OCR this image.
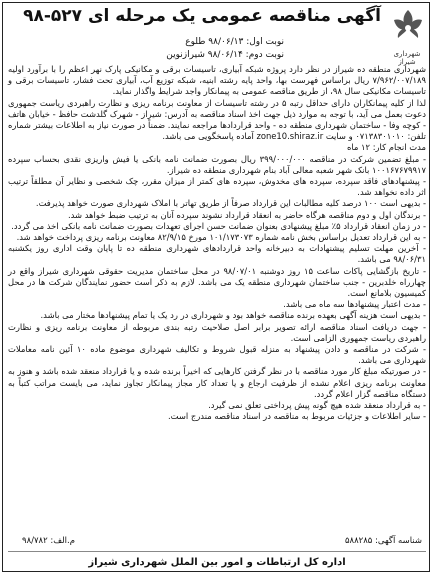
شهرداری شیراز
آگهی مناقصه عمومی یک مرحله ای ۵۲۷-۹۸
نوبت اول: ۹۸/۰۶/۱۳ طلوع
نوبت دوم: ۹۸/۰۶/۱۴ شیرازنوین

شهرداری منطقه ده شیراز در نظر دارد پروژه شبکه آبیاری، تاسیسات برقی و مکانیکی پارک نهر اعظم را با برآورد اولیه ۷/۹۶۲/۰۰۷/۱۸۹ ریال براساس فهرست بها، واحد پایه رشته ابنیه، شبکه توزیع آب، آبیاری تحت فشار، تاسیسات برقی و تاسیسات مکانیکی سال ۹۸، از طریق مناقصه عمومی به پیمانکار واجد شرایط واگذار نماید.

لذا از کلیه پیمانکاران دارای حداقل رتبه ۵ در رشته تاسیسات از معاونت برنامه ریزی و نظارت راهبردی ریاست جمهوری دعوت بعمل می آید، با توجه به موارد ذیل جهت اخذ اسناد مناقصه به آدرس: شیراز - شهرک گلدشت حافظ - خیابان هاتف - کوچه وفا - ساختمان شهرداری منطقه ده - واحد قراردادها مراجعه نمایند. ضمناً در صورت نیاز به اطلاعات بیشتر شماره تلفن: ۰۷۱۳۸۳۰۱۰۱۰ و سایت zone10.shiraz.ir آماده پاسخگویی می باشد.

مدت انجام کار: ۱۲ ماه

- مبلغ تضمین شرکت در مناقصه ۳۹۹/۰۰۰/۰۰۰ ریال بصورت ضمانت نامه بانکی یا فیش واریزی نقدی بحساب سپرده ۱۰۰۱۶۷۶۷۹۹۱۷ بانک شهر شعبه معالی آباد بنام شهرداری منطقه ده شیراز.

- پیشنهادهای فاقد سپرده، سپرده های مخدوش، سپرده های کمتر از میزان مقرر، چک شخصی و نظایر آن مطلقاً ترتیب اثر داده نخواهد شد.

- بدیهی است ۱۰۰ درصد کلیه مطالبات این قرارداد صرفاً از طریق تهاتر با املاک شهرداری صورت خواهد پذیرفت.

- برندگان اول و دوم مناقصه هرگاه حاضر به انعقاد قرارداد نشوند سپرده آنان به ترتیب ضبط خواهد شد.

- در زمان انعقاد قرارداد ۵٪ مبلغ پیشنهادی بعنوان ضمانت حسن اجرای تعهدات بصورت ضمانت نامه بانکی اخذ می گردد.

- به این قرارداد تعدیل براساس بخش نامه شماره ۱۰۱/۱۷۳۰۷۳ مورخ ۸۲/۹/۱۵ معاونت برنامه ریزی پرداخت خواهد شد.

- آخرین مهلت تسلیم پیشنهادات به دبیرخانه واحد قراردادهای شهرداری منطقه ده تا پایان وقت اداری روز یکشنبه ۹۸/۰۶/۳۱ می باشد.

- تاریخ بازگشایی پاکات ساعت ۱۵ روز دوشنبه ۹۸/۰۷/۰۱ در محل ساختمان مدیریت حقوقی شهرداری شیراز واقع در چهارراه خلدبرین - جنب ساختمان شهرداری منطقه یک می باشد. لازم به ذکر است حضور نمایندگان شرکت ها در محل کمیسیون بلامانع است.

- مدت اعتبار پیشنهادها سه ماه می باشد.

- بدیهی است هزینه آگهی بعهده برنده مناقصه خواهد بود و شهرداری در رد یک یا تمام پیشنهادها مختار می باشد.

- جهت دریافت اسناد مناقصه ارائه تصویر برابر اصل صلاحیت رتبه بندی مربوطه از معاونت برنامه ریزی و نظارت راهبردی ریاست جمهوری الزامی است.

- شرکت در مناقصه و دادن پیشنهاد به منزله قبول شروط و تکالیف شهرداری موضوع ماده ۱۰ آئین نامه معاملات شهرداری می باشد.

- در صورتیکه مبلغ کار مورد مناقصه با در نظر گرفتن کارهایی که اخیراً برنده شده و یا قرارداد منعقد شده باشد و هنوز به معاونت برنامه ریزی اعلام نشده از ظرفیت ارجاع و یا تعداد کار مجاز پیمانکار تجاوز نماید، می بایست مراتب کتباً به دستگاه مناقصه گزار اعلام گردد.

- به قرارداد منعقد شده هیچ گونه پیش پرداختی تعلق نمی گیرد.

- سایر اطلاعات و جزئیات مربوط به مناقصه در اسناد مناقصه مندرج است.

شناسه آگهی: ۵۸۸۲۸۵
م.الف: ۹۸/۷۸۲
اداره کل ارتباطات و امور بین الملل شهرداری شیراز
